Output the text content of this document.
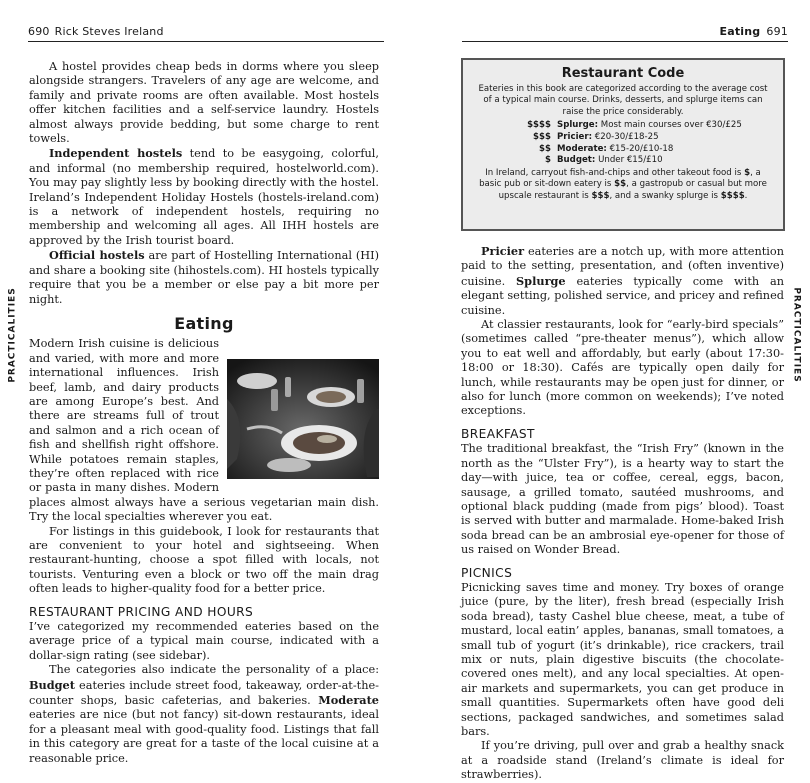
690 Rick Steves Ireland
PRACTICALITIES

A hostel provides cheap beds in dorms where you sleep alongside strangers. Travelers of any age are welcome, and family and private rooms are often available. Most hostels offer kitchen facilities and a self-service laundry. Hostels almost always provide bedding, but some charge to rent towels.

Independent hostels tend to be easygoing, colorful, and informal (no membership required, hostelworld.com). You may pay slightly less by booking directly with the hostel. Ireland’s Independent Holiday Hostels (hostels-ireland.com) is a network of independent hostels, requiring no membership and welcoming all ages. All IHH hostels are approved by the Irish tourist board.

Official hostels are part of Hostelling International (HI) and share a booking site (hihostels.com). HI hostels typically require that you be a member or else pay a bit more per night.

Eating

Modern Irish cuisine is delicious and varied, with more and more international influences. Irish beef, lamb, and dairy products are among Europe’s best. And there are streams full of trout and salmon and a rich ocean of fish and shellfish right offshore. While potatoes remain staples, they’re often replaced with rice or pasta in many dishes. Modern places almost always have a serious vegetarian main dish. Try the local specialties wherever you eat.

For listings in this guidebook, I look for restaurants that are convenient to your hotel and sightseeing. When restaurant-hunting, choose a spot filled with locals, not tourists. Venturing even a block or two off the main drag often leads to higher-quality food for a better price.

RESTAURANT PRICING AND HOURS

I’ve categorized my recommended eateries based on the average price of a typical main course, indicated with a dollar-sign rating (see sidebar).

The categories also indicate the personality of a place: Budget eateries include street food, takeaway, order-at-the-counter shops, basic cafeterias, and bakeries. Moderate eateries are nice (but not fancy) sit-down restaurants, ideal for a pleasant meal with good-quality food. Listings that fall in this category are great for a taste of the local cuisine at a reasonable price.

Eating 691
PRACTICALITIES
Restaurant Code

Eateries in this book are categorized according to the average cost of a typical main course. Drinks, desserts, and splurge items can raise the price considerably.

$$$$ Splurge: Most main courses over €30/£25
$$$ Pricier: €20-30/£18-25
$$ Moderate: €15-20/£10-18
$ Budget: Under €15/£10

In Ireland, carryout fish-and-chips and other takeout food is $, a basic pub or sit-down eatery is $$, a gastropub or casual but more upscale restaurant is $$$, and a swanky splurge is $$$$.

Pricier eateries are a notch up, with more attention paid to the setting, presentation, and (often inventive) cuisine. Splurge eateries typically come with an elegant setting, polished service, and pricey and refined cuisine.

At classier restaurants, look for “early-bird specials” (sometimes called “pre-theater menus”), which allow you to eat well and affordably, but early (about 17:30-18:00 or 18:30). Cafés are typically open daily for lunch, while restaurants may be open just for dinner, or also for lunch (more common on weekends); I’ve noted exceptions.

BREAKFAST

The traditional breakfast, the “Irish Fry” (known in the north as the “Ulster Fry”), is a hearty way to start the day—with juice, tea or coffee, cereal, eggs, bacon, sausage, a grilled tomato, sautéed mushrooms, and optional black pudding (made from pigs’ blood). Toast is served with butter and marmalade. Home-baked Irish soda bread can be an ambrosial eye-opener for those of us raised on Wonder Bread.

PICNICS

Picnicking saves time and money. Try boxes of orange juice (pure, by the liter), fresh bread (especially Irish soda bread), tasty Cashel blue cheese, meat, a tube of mustard, local eatin’ apples, bananas, small tomatoes, a small tub of yogurt (it’s drinkable), rice crackers, trail mix or nuts, plain digestive biscuits (the chocolate-covered ones melt), and any local specialties. At open-air markets and supermarkets, you can get produce in small quantities. Supermarkets often have good deli sections, packaged sandwiches, and sometimes salad bars.

If you’re driving, pull over and grab a healthy snack at a roadside stand (Ireland’s climate is ideal for strawberries).
